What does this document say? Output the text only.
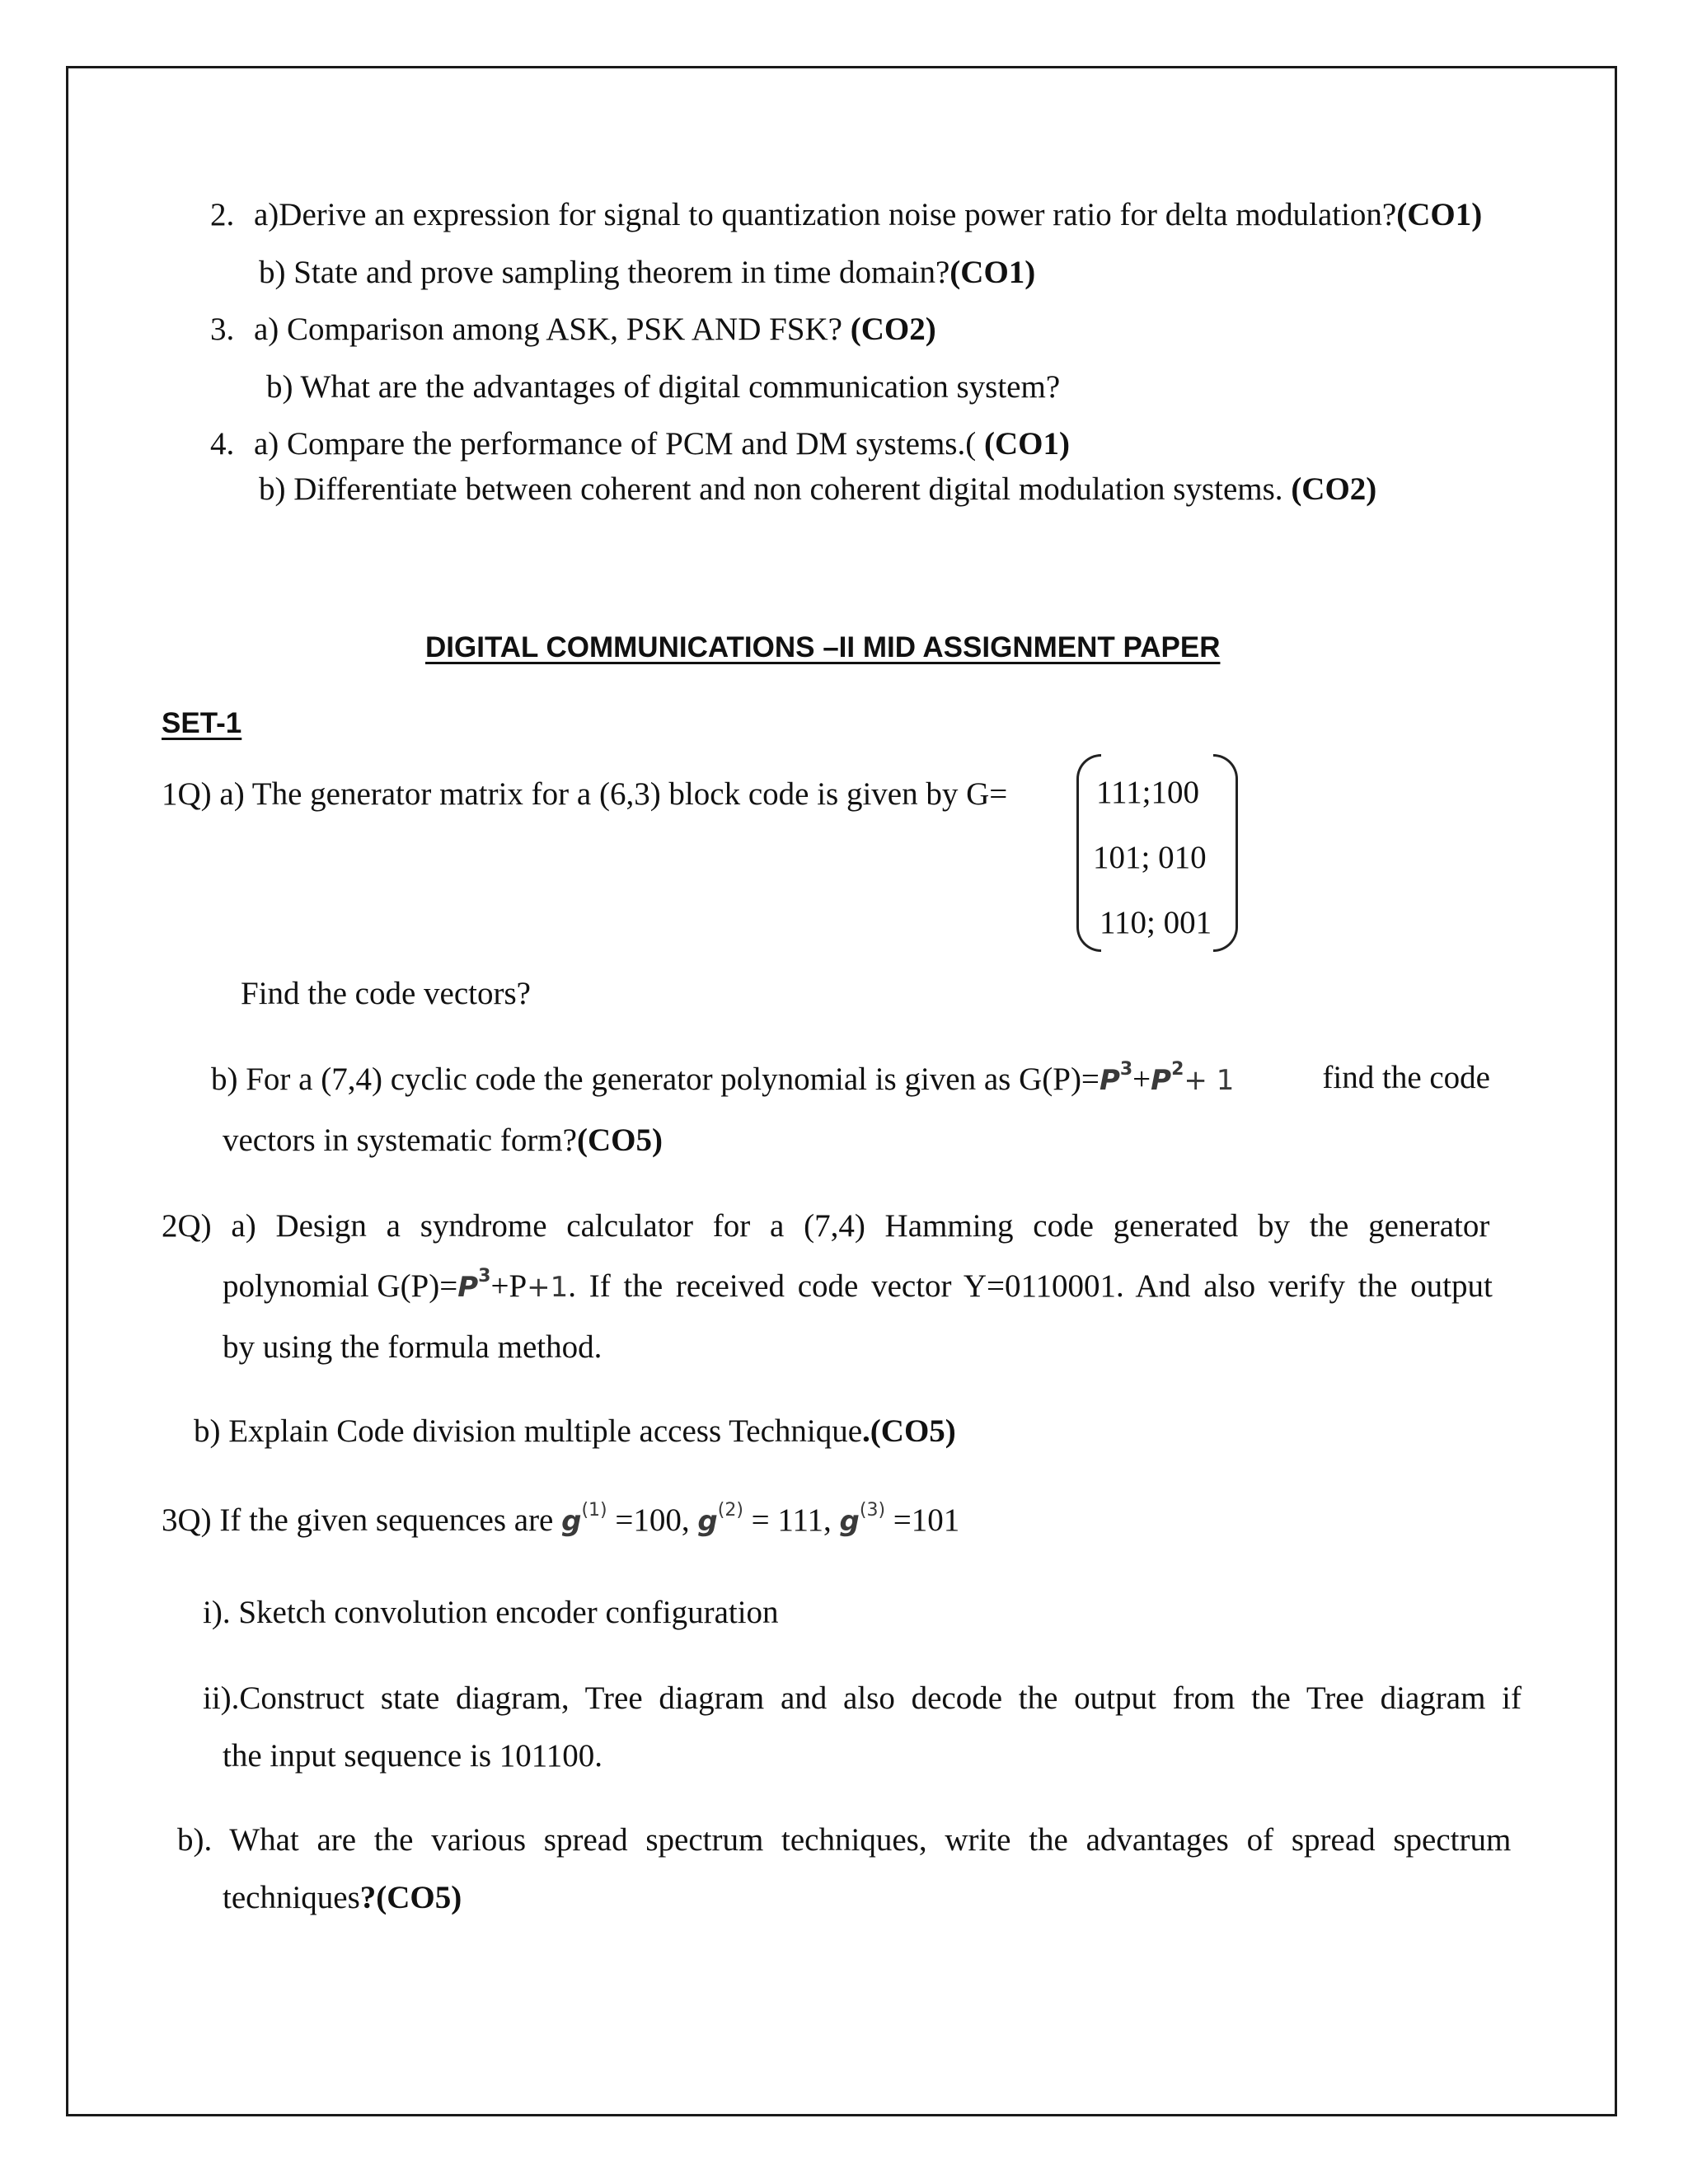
2. a)Derive an expression for signal to quantization noise power ratio for delta modulation?(CO1)
b) State and prove sampling theorem in time domain?(CO1)
3. a) Comparison among ASK, PSK AND FSK? (CO2)
b) What are the advantages of digital communication system?
4. a) Compare the performance of PCM and DM systems.( (CO1)
b) Differentiate between coherent and non coherent digital modulation systems. (CO2)
DIGITAL COMMUNICATIONS –II MID ASSIGNMENT PAPER
SET-1
1Q) a) The generator matrix for a (6,3) block code is given by G=	111;100
101; 010
110; 001
Find the code vectors?
b) For a (7,4) cyclic code the generator polynomial is given as $G(P)=P^3+P^2+ 1$	find the code
vectors in systematic form?(CO5)
2Q) a) Design a syndrome calculator for a (7,4) Hamming code generated by the generator
polynomial $G(P)=P^3+P+1$. If the received code vector Y=0110001. And also verify the output
by using the formula method.
b) Explain Code division multiple access Technique.(CO5)
3Q) If the given sequences are $g^{(1)} =100$, $g^{(2)} = 111$, $g^{(3)} =101$
i). Sketch convolution encoder configuration
ii).Construct state diagram, Tree diagram and also decode the output from the Tree diagram if
the input sequence is 101100.
b). What are the various spread spectrum techniques, write the advantages of spread spectrum
techniques?(CO5)
